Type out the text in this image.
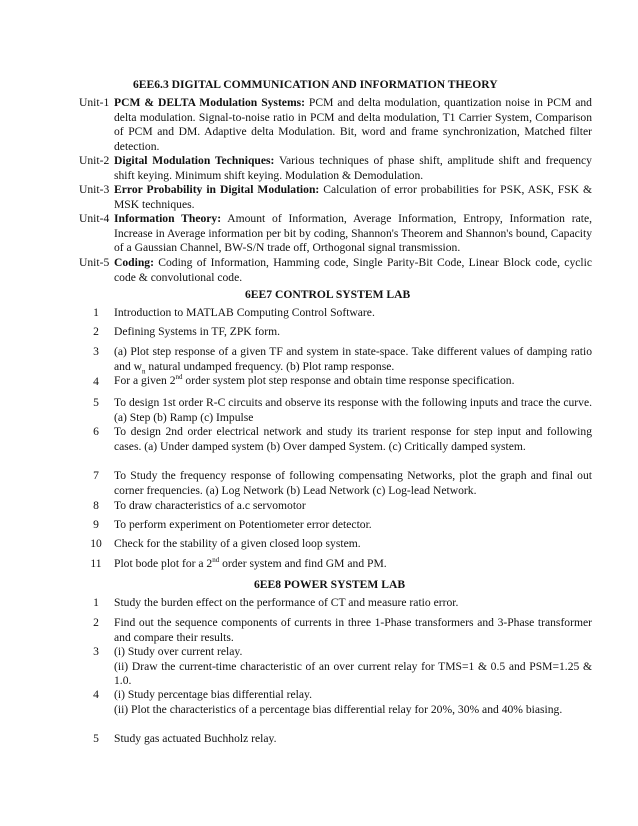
6EE6.3 DIGITAL COMMUNICATION AND INFORMATION THEORY
Unit-1 PCM & DELTA Modulation Systems: PCM and delta modulation, quantization noise in PCM and delta modulation. Signal-to-noise ratio in PCM and delta modulation, T1 Carrier System, Comparison of PCM and DM. Adaptive delta Modulation. Bit, word and frame synchronization, Matched filter detection.
Unit-2 Digital Modulation Techniques: Various techniques of phase shift, amplitude shift and frequency shift keying. Minimum shift keying. Modulation & Demodulation.
Unit-3 Error Probability in Digital Modulation: Calculation of error probabilities for PSK, ASK, FSK & MSK techniques.
Unit-4 Information Theory: Amount of Information, Average Information, Entropy, Information rate, Increase in Average information per bit by coding, Shannon's Theorem and Shannon's bound, Capacity of a Gaussian Channel, BW-S/N trade off, Orthogonal signal transmission.
Unit-5 Coding: Coding of Information, Hamming code, Single Parity-Bit Code, Linear Block code, cyclic code & convolutional code.
6EE7 CONTROL SYSTEM LAB
1	Introduction to MATLAB Computing Control Software.
2	Defining Systems in TF, ZPK form.
3	(a) Plot step response of a given TF and system in state-space. Take different values of damping ratio and $w_n$ natural undamped frequency. (b) Plot ramp response.
4	For a given 2nd order system plot step response and obtain time response specification.
5	To design 1st order R-C circuits and observe its response with the following inputs and trace the curve. (a) Step (b) Ramp (c) Impulse
6	To design 2nd order electrical network and study its trarient response for step input and following cases. (a) Under damped system (b) Over damped System. (c) Critically damped system.
7	To Study the frequency response of following compensating Networks, plot the graph and final out corner frequencies. (a) Log Network (b) Lead Network (c) Log-lead Network.
8	To draw characteristics of a.c servomotor
9	To perform experiment on Potentiometer error detector.
10	Check for the stability of a given closed loop system.
11	Plot bode plot for a 2nd order system and find GM and PM.
6EE8 POWER SYSTEM LAB
1	Study the burden effect on the performance of CT and measure ratio error.
2	Find out the sequence components of currents in three 1-Phase transformers and 3-Phase transformer and compare their results.
3	(i) Study over current relay.
(ii) Draw the current-time characteristic of an over current relay for TMS=1 & 0.5 and PSM=1.25 & 1.0.
4	(i) Study percentage bias differential relay.
(ii) Plot the characteristics of a percentage bias differential relay for 20%, 30% and 40% biasing.
5	Study gas actuated Buchholz relay.
